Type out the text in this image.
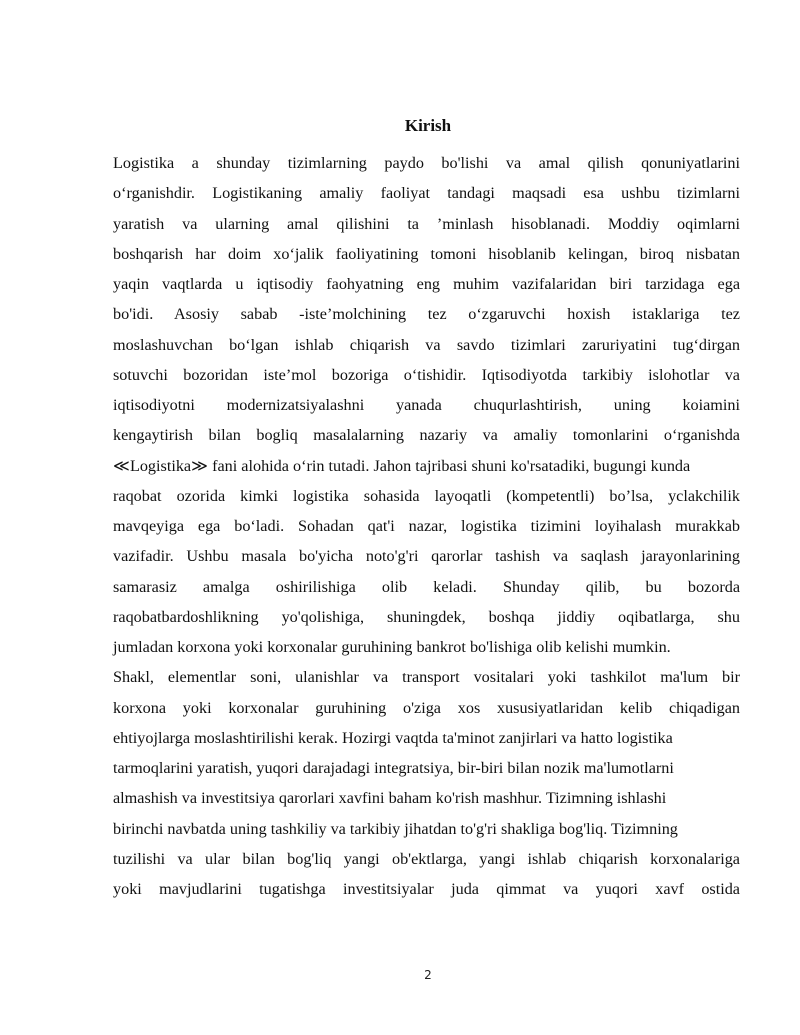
Kirish
Logistika a shunday tizimlarning paydo bo'lishi va amal qilish qonuniyatlarini
o‘rganishdir. Logistikaning amaliy faoliyat tandagi maqsadi esa ushbu tizimlarni
yaratish va ularning amal qilishini ta ’minlash hisoblanadi. Moddiy oqimlarni
boshqarish har doim xo‘jalik faoliyatining tomoni hisoblanib kelingan, biroq nisbatan
yaqin vaqtlarda u iqtisodiy faohyatning eng muhim vazifalaridan biri tarzidaga ega
bo'idi. Asosiy sabab -iste’molchining tez o‘zgaruvchi hoxish istaklariga tez
moslashuvchan bo‘lgan ishlab chiqarish va savdo tizimlari zaruriyatini tug‘dirgan
sotuvchi bozoridan iste’mol bozoriga o‘tishidir. Iqtisodiyotda tarkibiy islohotlar va
iqtisodiyotni modernizatsiyalashni yanada chuqurlashtirish, uning koiamini
kengaytirish bilan bogliq masalalarning nazariy va amaliy tomonlarini o‘rganishda
≪Logistika≫ fani alohida o‘rin tutadi. Jahon tajribasi shuni ko'rsatadiki, bugungi kunda
raqobat ozorida kimki logistika sohasida layoqatli (kompetentli) bo’lsa, yclakchilik
mavqeyiga ega bo‘ladi. Sohadan qat'i nazar, logistika tizimini loyihalash murakkab
vazifadir. Ushbu masala bo'yicha noto'g'ri qarorlar tashish va saqlash jarayonlarining
samarasiz amalga oshirilishiga olib keladi. Shunday qilib, bu bozorda
raqobatbardoshlikning yo'qolishiga, shuningdek, boshqa jiddiy oqibatlarga, shu
jumladan korxona yoki korxonalar guruhining bankrot bo'lishiga olib kelishi mumkin.
Shakl, elementlar soni, ulanishlar va transport vositalari yoki tashkilot ma'lum bir
korxona yoki korxonalar guruhining o'ziga xos xususiyatlaridan kelib chiqadigan
ehtiyojlarga moslashtirilishi kerak. Hozirgi vaqtda ta'minot zanjirlari va hatto logistika
tarmoqlarini yaratish, yuqori darajadagi integratsiya, bir-biri bilan nozik ma'lumotlarni
almashish va investitsiya qarorlari xavfini baham ko'rish mashhur. Tizimning ishlashi
birinchi navbatda uning tashkiliy va tarkibiy jihatdan to'g'ri shakliga bog'liq. Tizimning
tuzilishi va ular bilan bog'liq yangi ob'ektlarga, yangi ishlab chiqarish korxonalariga
yoki mavjudlarini tugatishga investitsiyalar juda qimmat va yuqori xavf ostida
2
